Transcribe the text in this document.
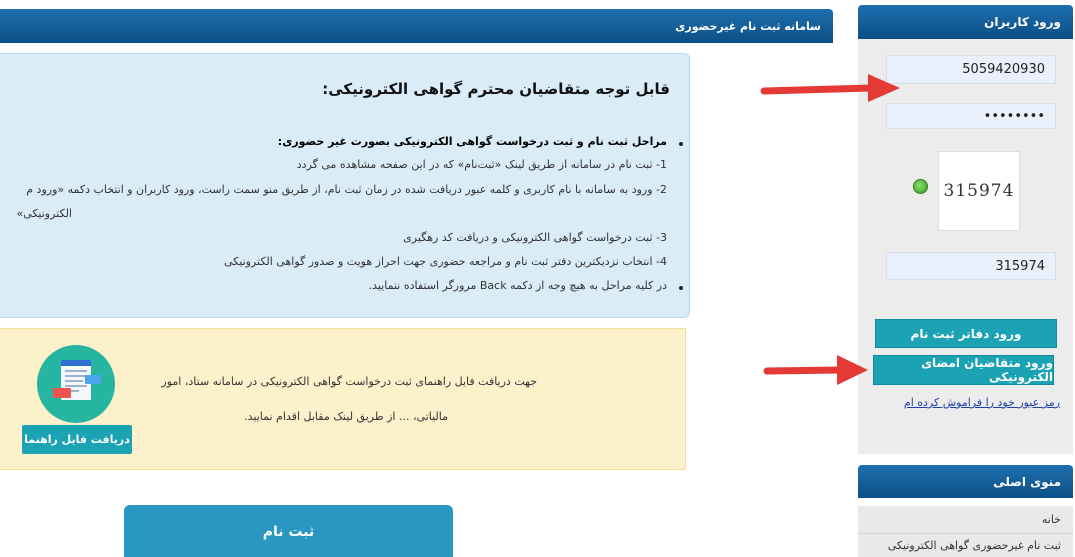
ورود کاربران
5059420930
••••••••
315974
315974
ورود دفاتر ثبت نام
ورود متقاضیان امضای الکترونیکی
رمز عبور خود را فراموش کرده ام
منوی اصلی
خانه
ثبت نام غیرحضوری گواهی الکترونیکی
سامانه ثبت نام غیرحضوری
قابل توجه متقاضیان محترم گواهی الکترونیکی:
مراحل ثبت نام و ثبت درخواست گواهی الکترونیکی بصورت غیر حضوری:
1- ثبت نام در سامانه از طریق لینک «ثبت‌نام» که در این صفحه مشاهده می گردد
2- ورود به سامانه با نام کاربری و کلمه عبور دریافت شده در زمان ثبت نام، از طریق منو سمت راست، ورود کاربران و انتخاب دکمه «ورود م
الکترونیکی»
3- ثبت درخواست گواهی الکترونیکی و دریافت کد رهگیری
4- انتخاب نزدیکترین دفتر ثبت نام و مراجعه حضوری جهت احراز هویت و صدور گواهی الکترونیکی
در کلیه مراحل به هیچ وجه از دکمه Back مرورگر استفاده ننمایید.
جهت دریافت فایل راهنمای ثبت درخواست گواهی الکترونیکی در سامانه ستاد، امور
مالیاتی، ... از طریق لینک مقابل اقدام نمایید.
دریافت فایل راهنما
ثبت نام
